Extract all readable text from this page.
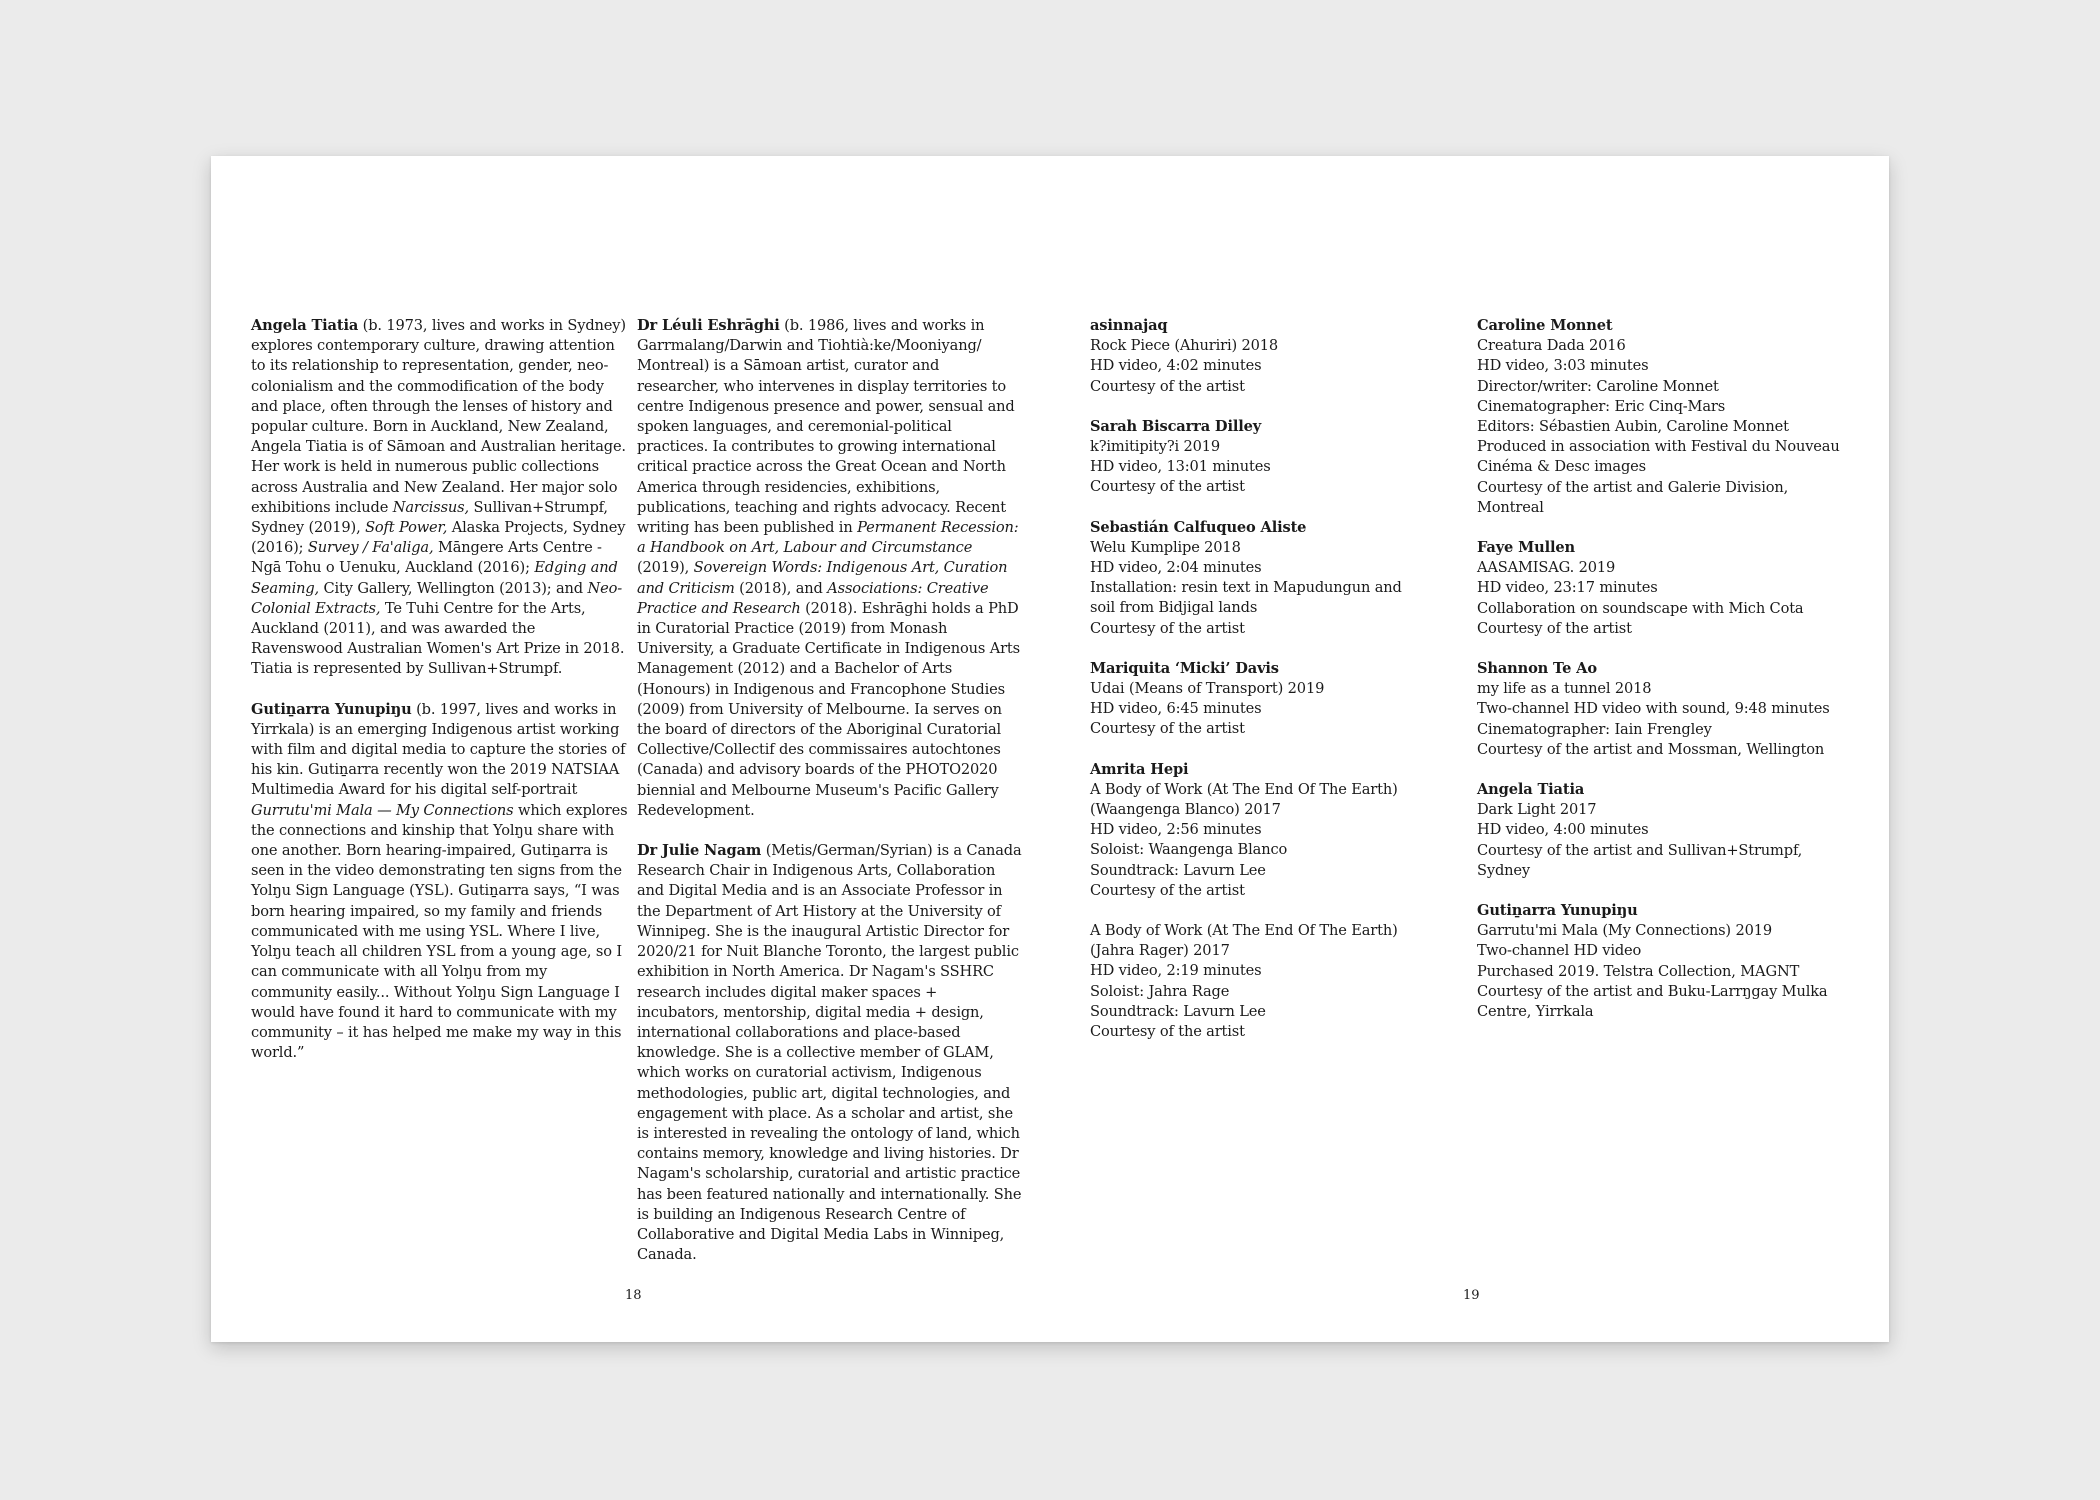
Angela Tiatia (b. 1973, lives and works in Sydney) explores contemporary culture, drawing attention to its relationship to representation, gender, neo-colonialism and the commodification of the body and place, often through the lenses of history and popular culture. Born in Auckland, New Zealand, Angela Tiatia is of Sāmoan and Australian heritage. Her work is held in numerous public collections across Australia and New Zealand. Her major solo exhibitions include Narcissus, Sullivan+Strumpf, Sydney (2019), Soft Power, Alaska Projects, Sydney (2016); Survey / Fa'aliga, Māngere Arts Centre - Ngā Tohu o Uenuku, Auckland (2016); Edging and Seaming, City Gallery, Wellington (2013); and Neo-Colonial Extracts, Te Tuhi Centre for the Arts, Auckland (2011), and was awarded the Ravenswood Australian Women's Art Prize in 2018. Tiatia is represented by Sullivan+Strumpf.

Gutiṉarra Yunupiŋu (b. 1997, lives and works in Yirrkala) is an emerging Indigenous artist working with film and digital media to capture the stories of his kin. Gutiṉarra recently won the 2019 NATSIAA Multimedia Award for his digital self-portrait Gurrutu'mi Mala — My Connections which explores the connections and kinship that Yolŋu share with one another. Born hearing-impaired, Gutiṉarra is seen in the video demonstrating ten signs from the Yolŋu Sign Language (YSL). Gutiṉarra says, “I was born hearing impaired, so my family and friends communicated with me using YSL. Where I live, Yolŋu teach all children YSL from a young age, so I can communicate with all Yolŋu from my community easily... Without Yolŋu Sign Language I would have found it hard to communicate with my community – it has helped me make my way in this world.”

Dr Léuli Eshrāghi (b. 1986, lives and works in Garrmalang/Darwin and Tiohtià:ke/Mooniyang/ Montreal) is a Sāmoan artist, curator and researcher, who intervenes in display territories to centre Indigenous presence and power, sensual and spoken languages, and ceremonial-political practices. Ia contributes to growing international critical practice across the Great Ocean and North America through residencies, exhibitions, publications, teaching and rights advocacy. Recent writing has been published in Permanent Recession: a Handbook on Art, Labour and Circumstance (2019), Sovereign Words: Indigenous Art, Curation and Criticism (2018), and Associations: Creative Practice and Research (2018). Eshrāghi holds a PhD in Curatorial Practice (2019) from Monash University, a Graduate Certificate in Indigenous Arts Management (2012) and a Bachelor of Arts (Honours) in Indigenous and Francophone Studies (2009) from University of Melbourne. Ia serves on the board of directors of the Aboriginal Curatorial Collective/Collectif des commissaires autochtones (Canada) and advisory boards of the PHOTO2020 biennial and Melbourne Museum's Pacific Gallery Redevelopment.

Dr Julie Nagam (Metis/German/Syrian) is a Canada Research Chair in Indigenous Arts, Collaboration and Digital Media and is an Associate Professor in the Department of Art History at the University of Winnipeg. She is the inaugural Artistic Director for 2020/21 for Nuit Blanche Toronto, the largest public exhibition in North America. Dr Nagam's SSHRC research includes digital maker spaces + incubators, mentorship, digital media + design, international collaborations and place-based knowledge. She is a collective member of GLAM, which works on curatorial activism, Indigenous methodologies, public art, digital technologies, and engagement with place. As a scholar and artist, she is interested in revealing the ontology of land, which contains memory, knowledge and living histories. Dr Nagam's scholarship, curatorial and artistic practice has been featured nationally and internationally. She is building an Indigenous Research Centre of Collaborative and Digital Media Labs in Winnipeg, Canada.

asinnajaq
Rock Piece (Ahuriri) 2018
HD video, 4:02 minutes
Courtesy of the artist
Sarah Biscarra Dilley
k?imitipity?i 2019
HD video, 13:01 minutes
Courtesy of the artist
Sebastián Calfuqueo Aliste
Welu Kumplipe 2018
HD video, 2:04 minutes
Installation: resin text in Mapudungun and soil from Bidjigal lands
Courtesy of the artist
Mariquita ‘Micki’ Davis
Udai (Means of Transport) 2019
HD video, 6:45 minutes
Courtesy of the artist
Amrita Hepi
A Body of Work (At The End Of The Earth) (Waangenga Blanco) 2017
HD video, 2:56 minutes
Soloist: Waangenga Blanco
Soundtrack: Lavurn Lee
Courtesy of the artist
A Body of Work (At The End Of The Earth) (Jahra Rager) 2017
HD video, 2:19 minutes
Soloist: Jahra Rage
Soundtrack: Lavurn Lee
Courtesy of the artist
Caroline Monnet
Creatura Dada 2016
HD video, 3:03 minutes
Director/writer: Caroline Monnet
Cinematographer: Eric Cinq-Mars
Editors: Sébastien Aubin, Caroline Monnet
Produced in association with Festival du Nouveau Cinéma & Desc images
Courtesy of the artist and Galerie Division, Montreal
Faye Mullen
AASAMISAG. 2019
HD video, 23:17 minutes
Collaboration on soundscape with Mich Cota
Courtesy of the artist
Shannon Te Ao
my life as a tunnel 2018
Two-channel HD video with sound, 9:48 minutes
Cinematographer: Iain Frengley
Courtesy of the artist and Mossman, Wellington
Angela Tiatia
Dark Light 2017
HD video, 4:00 minutes
Courtesy of the artist and Sullivan+Strumpf, Sydney
Gutiṉarra Yunupiŋu
Garrutu'mi Mala (My Connections) 2019
Two-channel HD video
Purchased 2019. Telstra Collection, MAGNT
Courtesy of the artist and Buku-Larrŋgay Mulka Centre, Yirrkala
18	19
